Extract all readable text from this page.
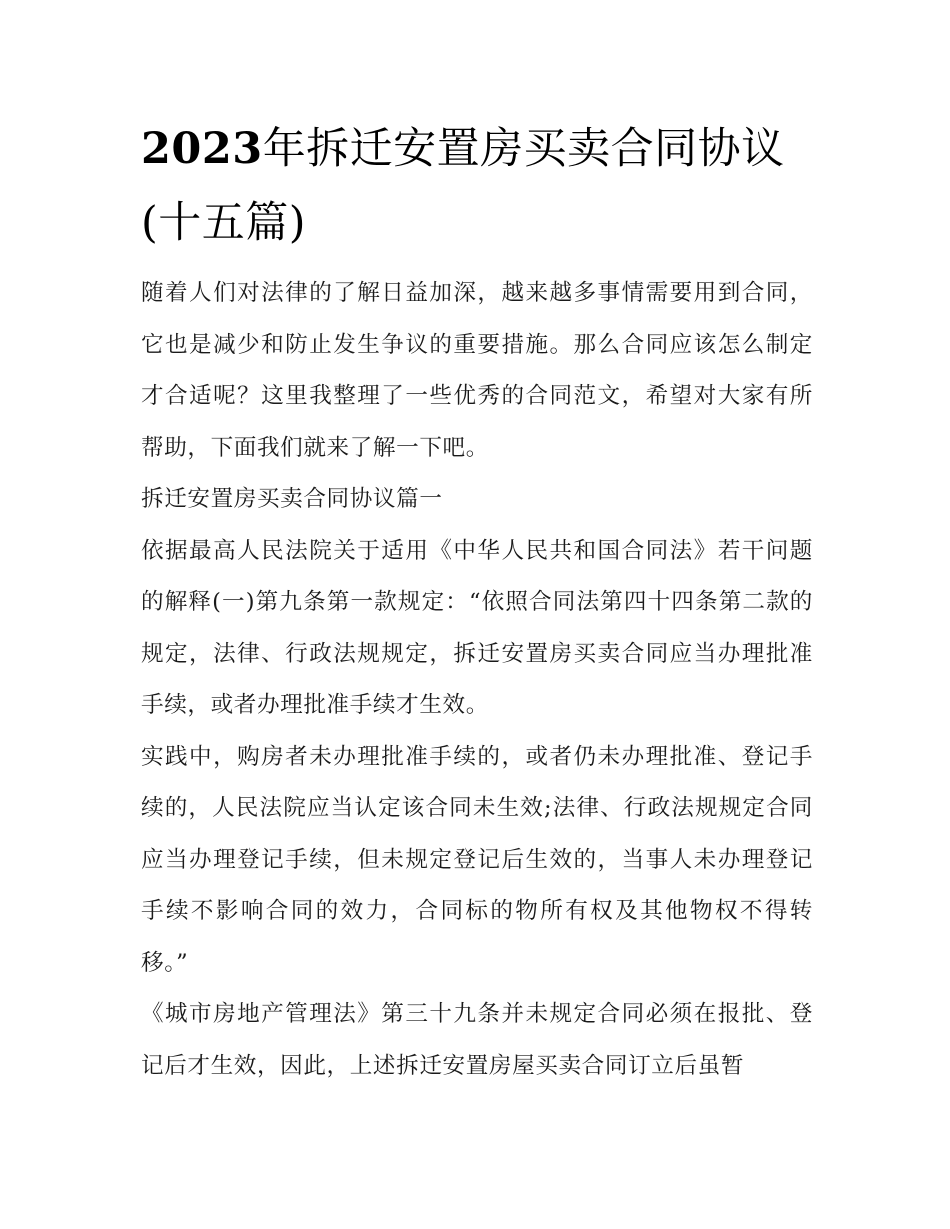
2023年拆迁安置房买卖合同协议(十五篇)

随着人们对法律的了解日益加深，越来越多事情需要用到合同，它也是减少和防止发生争议的重要措施。那么合同应该怎么制定才合适呢？这里我整理了一些优秀的合同范文，希望对大家有所帮助，下面我们就来了解一下吧。

拆迁安置房买卖合同协议篇一

依据最高人民法院关于适用《中华人民共和国合同法》若干问题的解释(一)第九条第一款规定：“依照合同法第四十四条第二款的规定，法律、行政法规规定，拆迁安置房买卖合同应当办理批准手续，或者办理批准手续才生效。

实践中，购房者未办理批准手续的，或者仍未办理批准、登记手续的，人民法院应当认定该合同未生效;法律、行政法规规定合同应当办理登记手续，但未规定登记后生效的，当事人未办理登记手续不影响合同的效力，合同标的物所有权及其他物权不得转移。”

《城市房地产管理法》第三十九条并未规定合同必须在报批、登记后才生效，因此，上述拆迁安置房屋买卖合同订立后虽暂
